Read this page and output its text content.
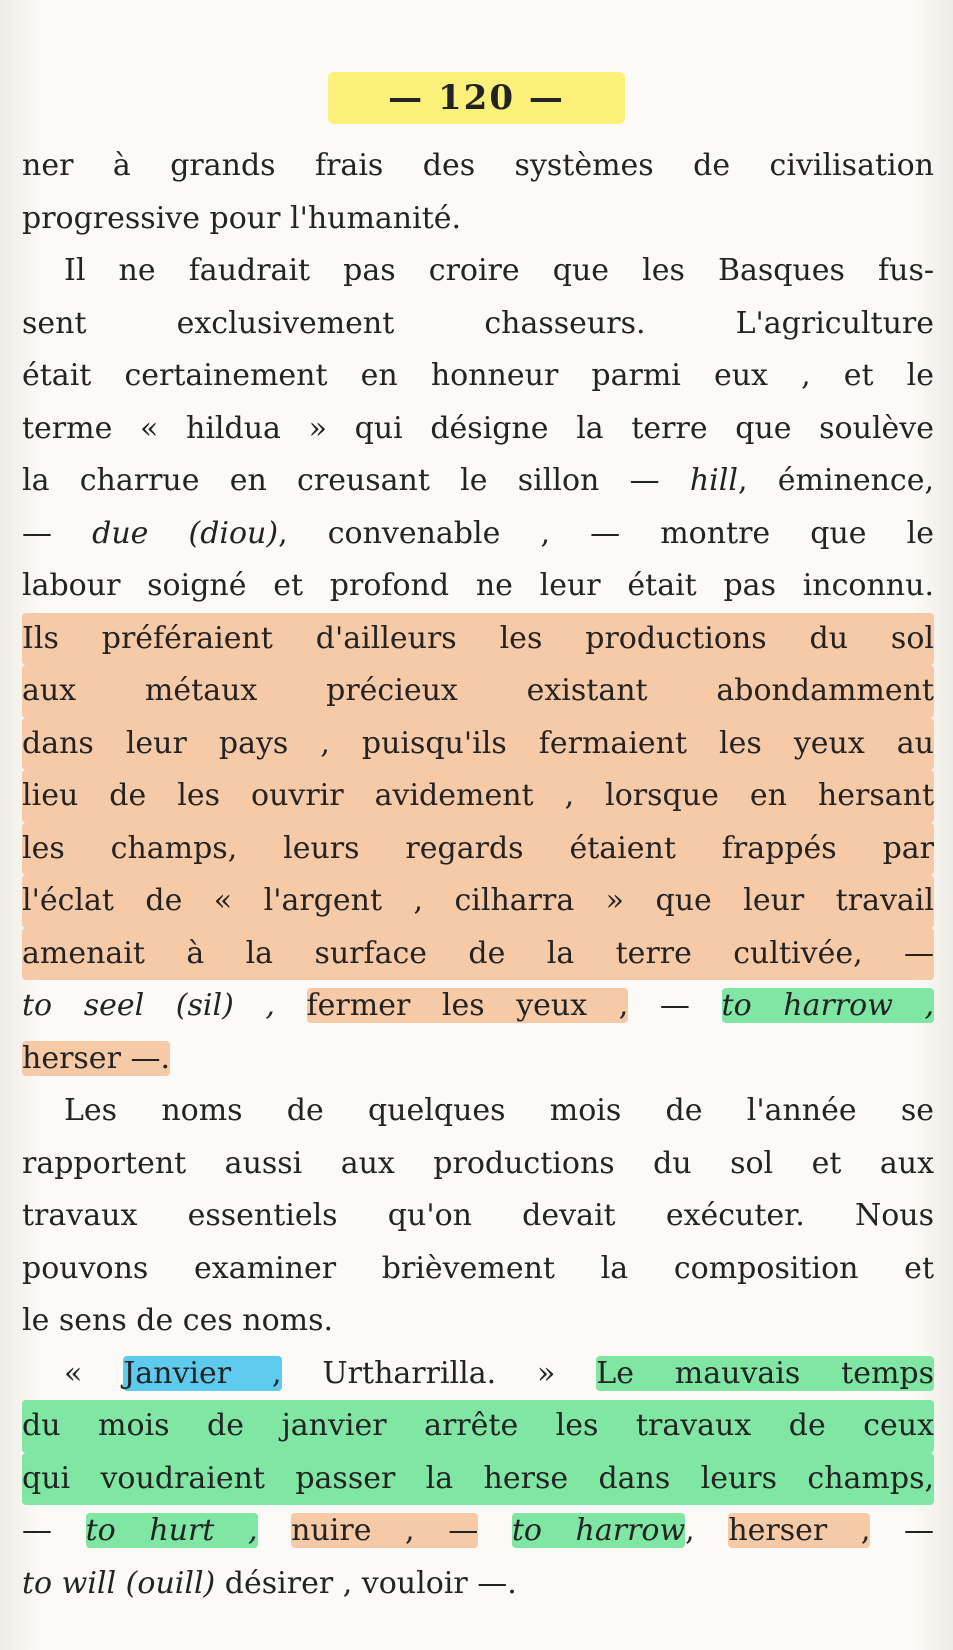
— 120 —
ner à grands frais des systèmes de civilisation
progressive pour l'humanité.
Il ne faudrait pas croire que les Basques fus-
sent exclusivement chasseurs. L'agriculture
était certainement en honneur parmi eux , et le
terme « hildua » qui désigne la terre que soulève
la charrue en creusant le sillon — hill, éminence,
— due (diou), convenable , — montre que le
labour soigné et profond ne leur était pas inconnu.
Ils préféraient d'ailleurs les productions du sol
aux métaux précieux existant abondamment
dans leur pays , puisqu'ils fermaient les yeux au
lieu de les ouvrir avidement , lorsque en hersant
les champs, leurs regards étaient frappés par
l'éclat de « l'argent , cilharra » que leur travail
amenait à la surface de la terre cultivée, —
to seel (sil) , fermer les yeux , — to harrow ,
herser —.
Les noms de quelques mois de l'année se
rapportent aussi aux productions du sol et aux
travaux essentiels qu'on devait exécuter. Nous
pouvons examiner brièvement la composition et
le sens de ces noms.
« Janvier , Urtharrilla. » Le mauvais temps
du mois de janvier arrête les travaux de ceux
qui voudraient passer la herse dans leurs champs,
— to hurt , nuire , — to harrow, herser , —
to will (ouill) désirer , vouloir —.
